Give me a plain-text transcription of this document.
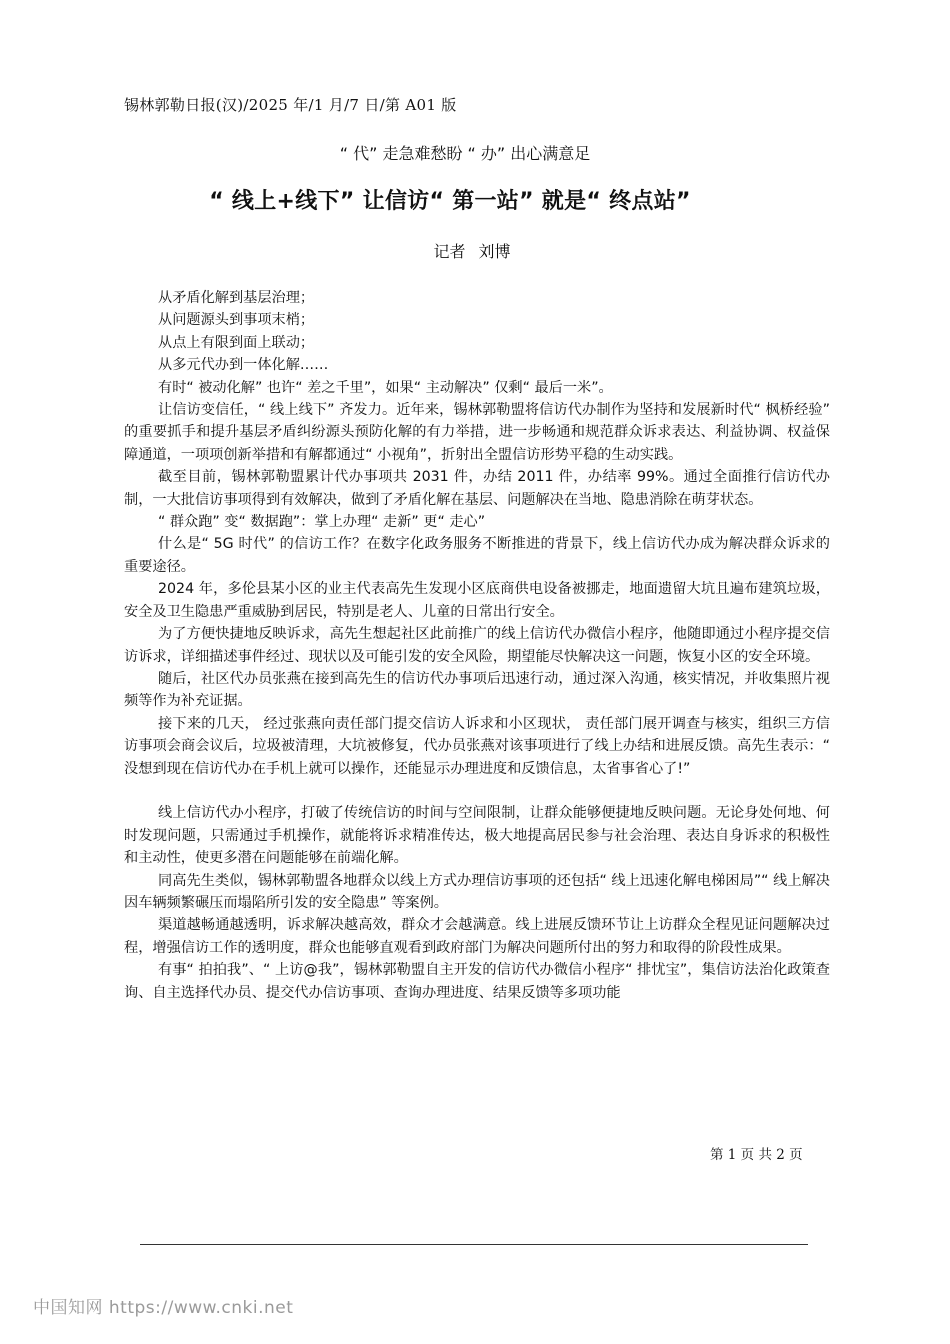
锡林郭勒日报(汉)/2025 年/1 月/7 日/第 A01 版
“ 代” 走急难愁盼 “ 办” 出心满意足
“ 线上+线下” 让信访“ 第一站” 就是“ 终点站”
记者 刘博

从矛盾化解到基层治理；

从问题源头到事项末梢；

从点上有限到面上联动；

从多元代办到一体化解……

有时“ 被动化解” 也许“ 差之千里”，如果“ 主动解决” 仅剩“ 最后一米”。

让信访变信任，“ 线上线下” 齐发力。近年来，锡林郭勒盟将信访代办制作为坚持和发展新时代“ 枫桥经验” 的重要抓手和提升基层矛盾纠纷源头预防化解的有力举措，进一步畅通和规范群众诉求表达、利益协调、权益保障通道，一项项创新举措和有解都通过“ 小视角”，折射出全盟信访形势平稳的生动实践。

截至目前，锡林郭勒盟累计代办事项共 2031 件，办结 2011 件，办结率 99%。通过全面推行信访代办制，一大批信访事项得到有效解决，做到了矛盾化解在基层、问题解决在当地、隐患消除在萌芽状态。

“ 群众跑” 变“ 数据跑”：掌上办理“ 走新” 更“ 走心”

什么是“ 5G 时代” 的信访工作？在数字化政务服务不断推进的背景下，线上信访代办成为解决群众诉求的重要途径。

2024 年，多伦县某小区的业主代表高先生发现小区底商供电设备被挪走，地面遗留大坑且遍布建筑垃圾，安全及卫生隐患严重威胁到居民，特别是老人、儿童的日常出行安全。

为了方便快捷地反映诉求，高先生想起社区此前推广的线上信访代办微信小程序，他随即通过小程序提交信访诉求，详细描述事件经过、现状以及可能引发的安全风险，期望能尽快解决这一问题，恢复小区的安全环境。

随后，社区代办员张燕在接到高先生的信访代办事项后迅速行动，通过深入沟通，核实情况，并收集照片视频等作为补充证据。

接下来的几天， 经过张燕向责任部门提交信访人诉求和小区现状， 责任部门展开调查与核实，组织三方信访事项会商会议后，垃圾被清理，大坑被修复，代办员张燕对该事项进行了线上办结和进展反馈。高先生表示：“ 没想到现在信访代办在手机上就可以操作，还能显示办理进度和反馈信息，太省事省心了!”

线上信访代办小程序，打破了传统信访的时间与空间限制，让群众能够便捷地反映问题。无论身处何地、何时发现问题，只需通过手机操作，就能将诉求精准传达，极大地提高居民参与社会治理、表达自身诉求的积极性和主动性，使更多潜在问题能够在前端化解。

同高先生类似，锡林郭勒盟各地群众以线上方式办理信访事项的还包括“ 线上迅速化解电梯困局”“ 线上解决因车辆频繁碾压而塌陷所引发的安全隐患” 等案例。

渠道越畅通越透明，诉求解决越高效，群众才会越满意。线上进展反馈环节让上访群众全程见证问题解决过程，增强信访工作的透明度，群众也能够直观看到政府部门为解决问题所付出的努力和取得的阶段性成果。

有事“ 拍拍我”、“ 上访@我”，锡林郭勒盟自主开发的信访代办微信小程序“ 排忧宝”，集信访法治化政策查询、自主选择代办员、提交代办信访事项、查询办理进度、结果反馈等多项功能

第 1 页 共 2 页
中国知网 https://www.cnki.net
